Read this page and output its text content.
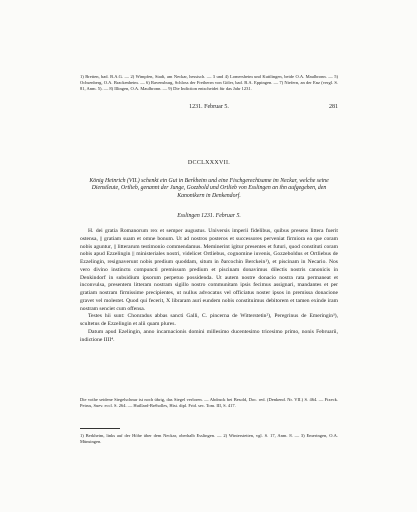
1) Bretten, bad. B.A.G. — 2) Wimpfen, Stadt, am Neckar, hessisch. — 3 und 4) Lomersheim und Kuttlingen, beide O.A. Maulbronn. — 5) Ochsenberg, O.A. Brackenheim. — 6) Ravensburg, Schloss der Freiherrn von Göler, bad. B.A. Eppingen. — 7) Niefern, an der Enz (vergl. S. 81, Anm. 5). — 8) Illingen, O.A. Maulbronn. — 9) Die Indiction entscheidet für das Jahr 1231.
1231. Februar 5.	281
DCCLXXXVII.
König Heinrich (VII.) schenkt ein Gut in Berkheim und eine Fischgerechtsame im Neckar, welche seine Dienstleute, Ortlieb, genannt der Junge, Gozzbold und Ortlieb von Esslingen an ihn aufgegeben, den Kanonikern in Denkendorf.
Esslingen 1231. Februar 5.

H. dei gratia Romanorum rex et semper augustus. Universis imperii fidelibus, quibus presens littera fuerit ostensa, || gratiam suam et omne bonum. Ut ad nostros posteros et successores perveniat firmiora ea que coram nobis aguntur, || litterarum testimonio commendamus. Meminerint igitur presentes et futuri, quod constituti coram nobis apud Ezzelingin || ministeriales nostri, videlicet Ortliebus, cognomine iuvenis, Gozzeboldus et Ortliebus de Ezzelingin, resignaverunt nobis predium quoddam, situm in ðarcochin Berckein¹), et piscinam in Necario. Nos vero divino instinctu compuncti premissum predium et piscinam donavimus dilectis nostris canonicis in Denkindorf in subsidium ipsorum perpetuo possidenda. Ut autem nostre donacio nostra rata permaneat et inconvulsa, presentem litteram nostram sigillo nostro communitam ipsis fecimus assignari, mandantes et per gratiam nostram firmissime precipientes, ut nullus advocatus vel officiatus noster ipsos in premissa donacione gravet vel molestet. Quod qui fecerit, X libraram auri eundem nobis constituimus debitorem et tamen exinde iram nostram senciet cum offensa.

Testes hii sunt: Chonradus abbas sancti Galli, C. pincerna de Witterstetin²), Peregrinus de Emeringin³), scultetus de Ezzelingin et alii quam plures.

Datum apud Ezelingin, anno incarnacionis domini millesimo ducentesimo tricesimo primo, nonis Februarii, indictione IIII⁴.

Die vothe seidene Siegelschnur ist noch übrig, das Siegel verloren. — Abdruck bei Besold, Doc. red. (Denkend. Nr. VII.) S. 464. — Fixeck. Peirus, Suev. eccl. S. 264. — Huillard-Bréholles, Hist. dipl. Frid. sec. Tom. III, S. 417.
1) Berkheim, links auf der Höhe über dem Neckar, oberhalb Esslingen. — 2) Winterstetten, vgl. S. 17, Anm. 8. — 3) Emeringen, O.A. Münsingen.
